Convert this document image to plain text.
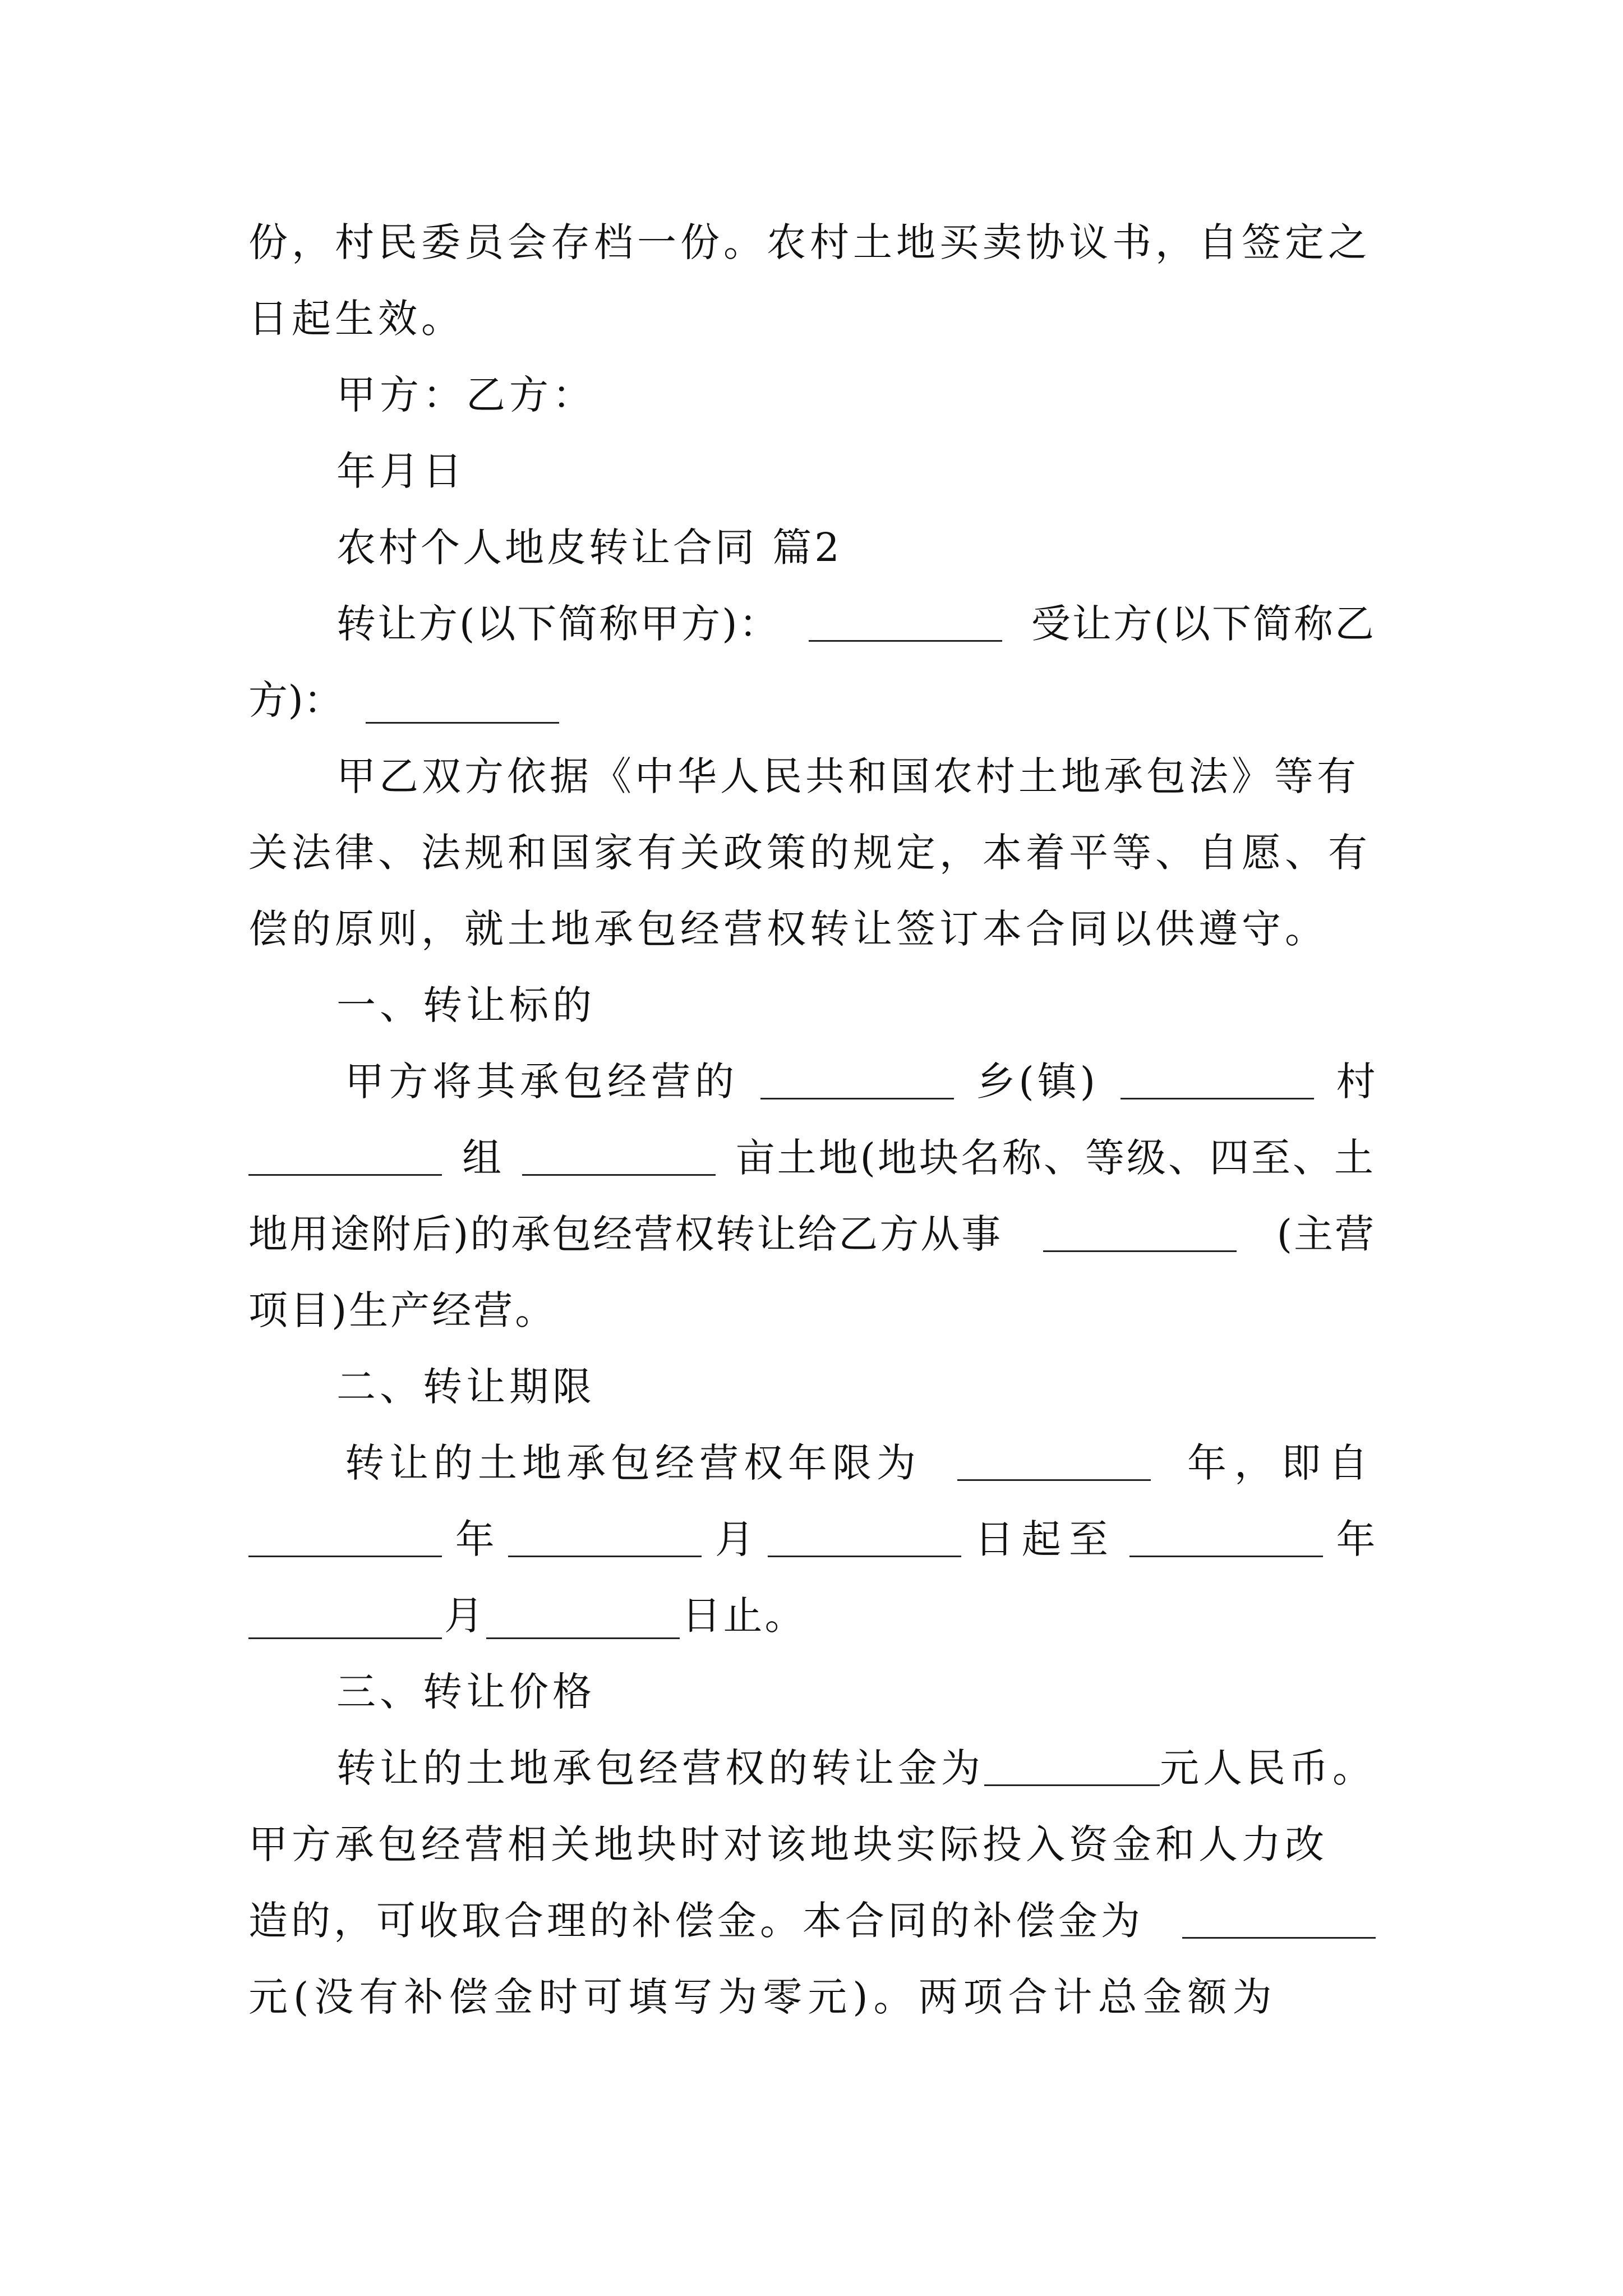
份，村民委员会存档一份。农村土地买卖协议书，自签定之
日起生效。
甲方：乙方：
年月日
农村个人地皮转让合同 篇2
转让方(以下简称甲方)：	受让方(以下简称乙
方)：
甲乙双方依据《中华人民共和国农村土地承包法》等有
关法律、法规和国家有关政策的规定，本着平等、自愿、有
偿的原则，就土地承包经营权转让签订本合同以供遵守。
一、转让标的
甲方将其承包经营的	乡(镇)	村
组	亩土地(地块名称、等级、四至、土
地用途附后)的承包经营权转让给乙方从事	(主营
项目)生产经营。
二、转让期限
转让的土地承包经营权年限为	年，即自
年	月	日起至	年
月	日止。
三、转让价格
转让的土地承包经营权的转让金为	元人民币。
甲方承包经营相关地块时对该地块实际投入资金和人力改
造的，可收取合理的补偿金。本合同的补偿金为
元(没有补偿金时可填写为零元)。两项合计总金额为
